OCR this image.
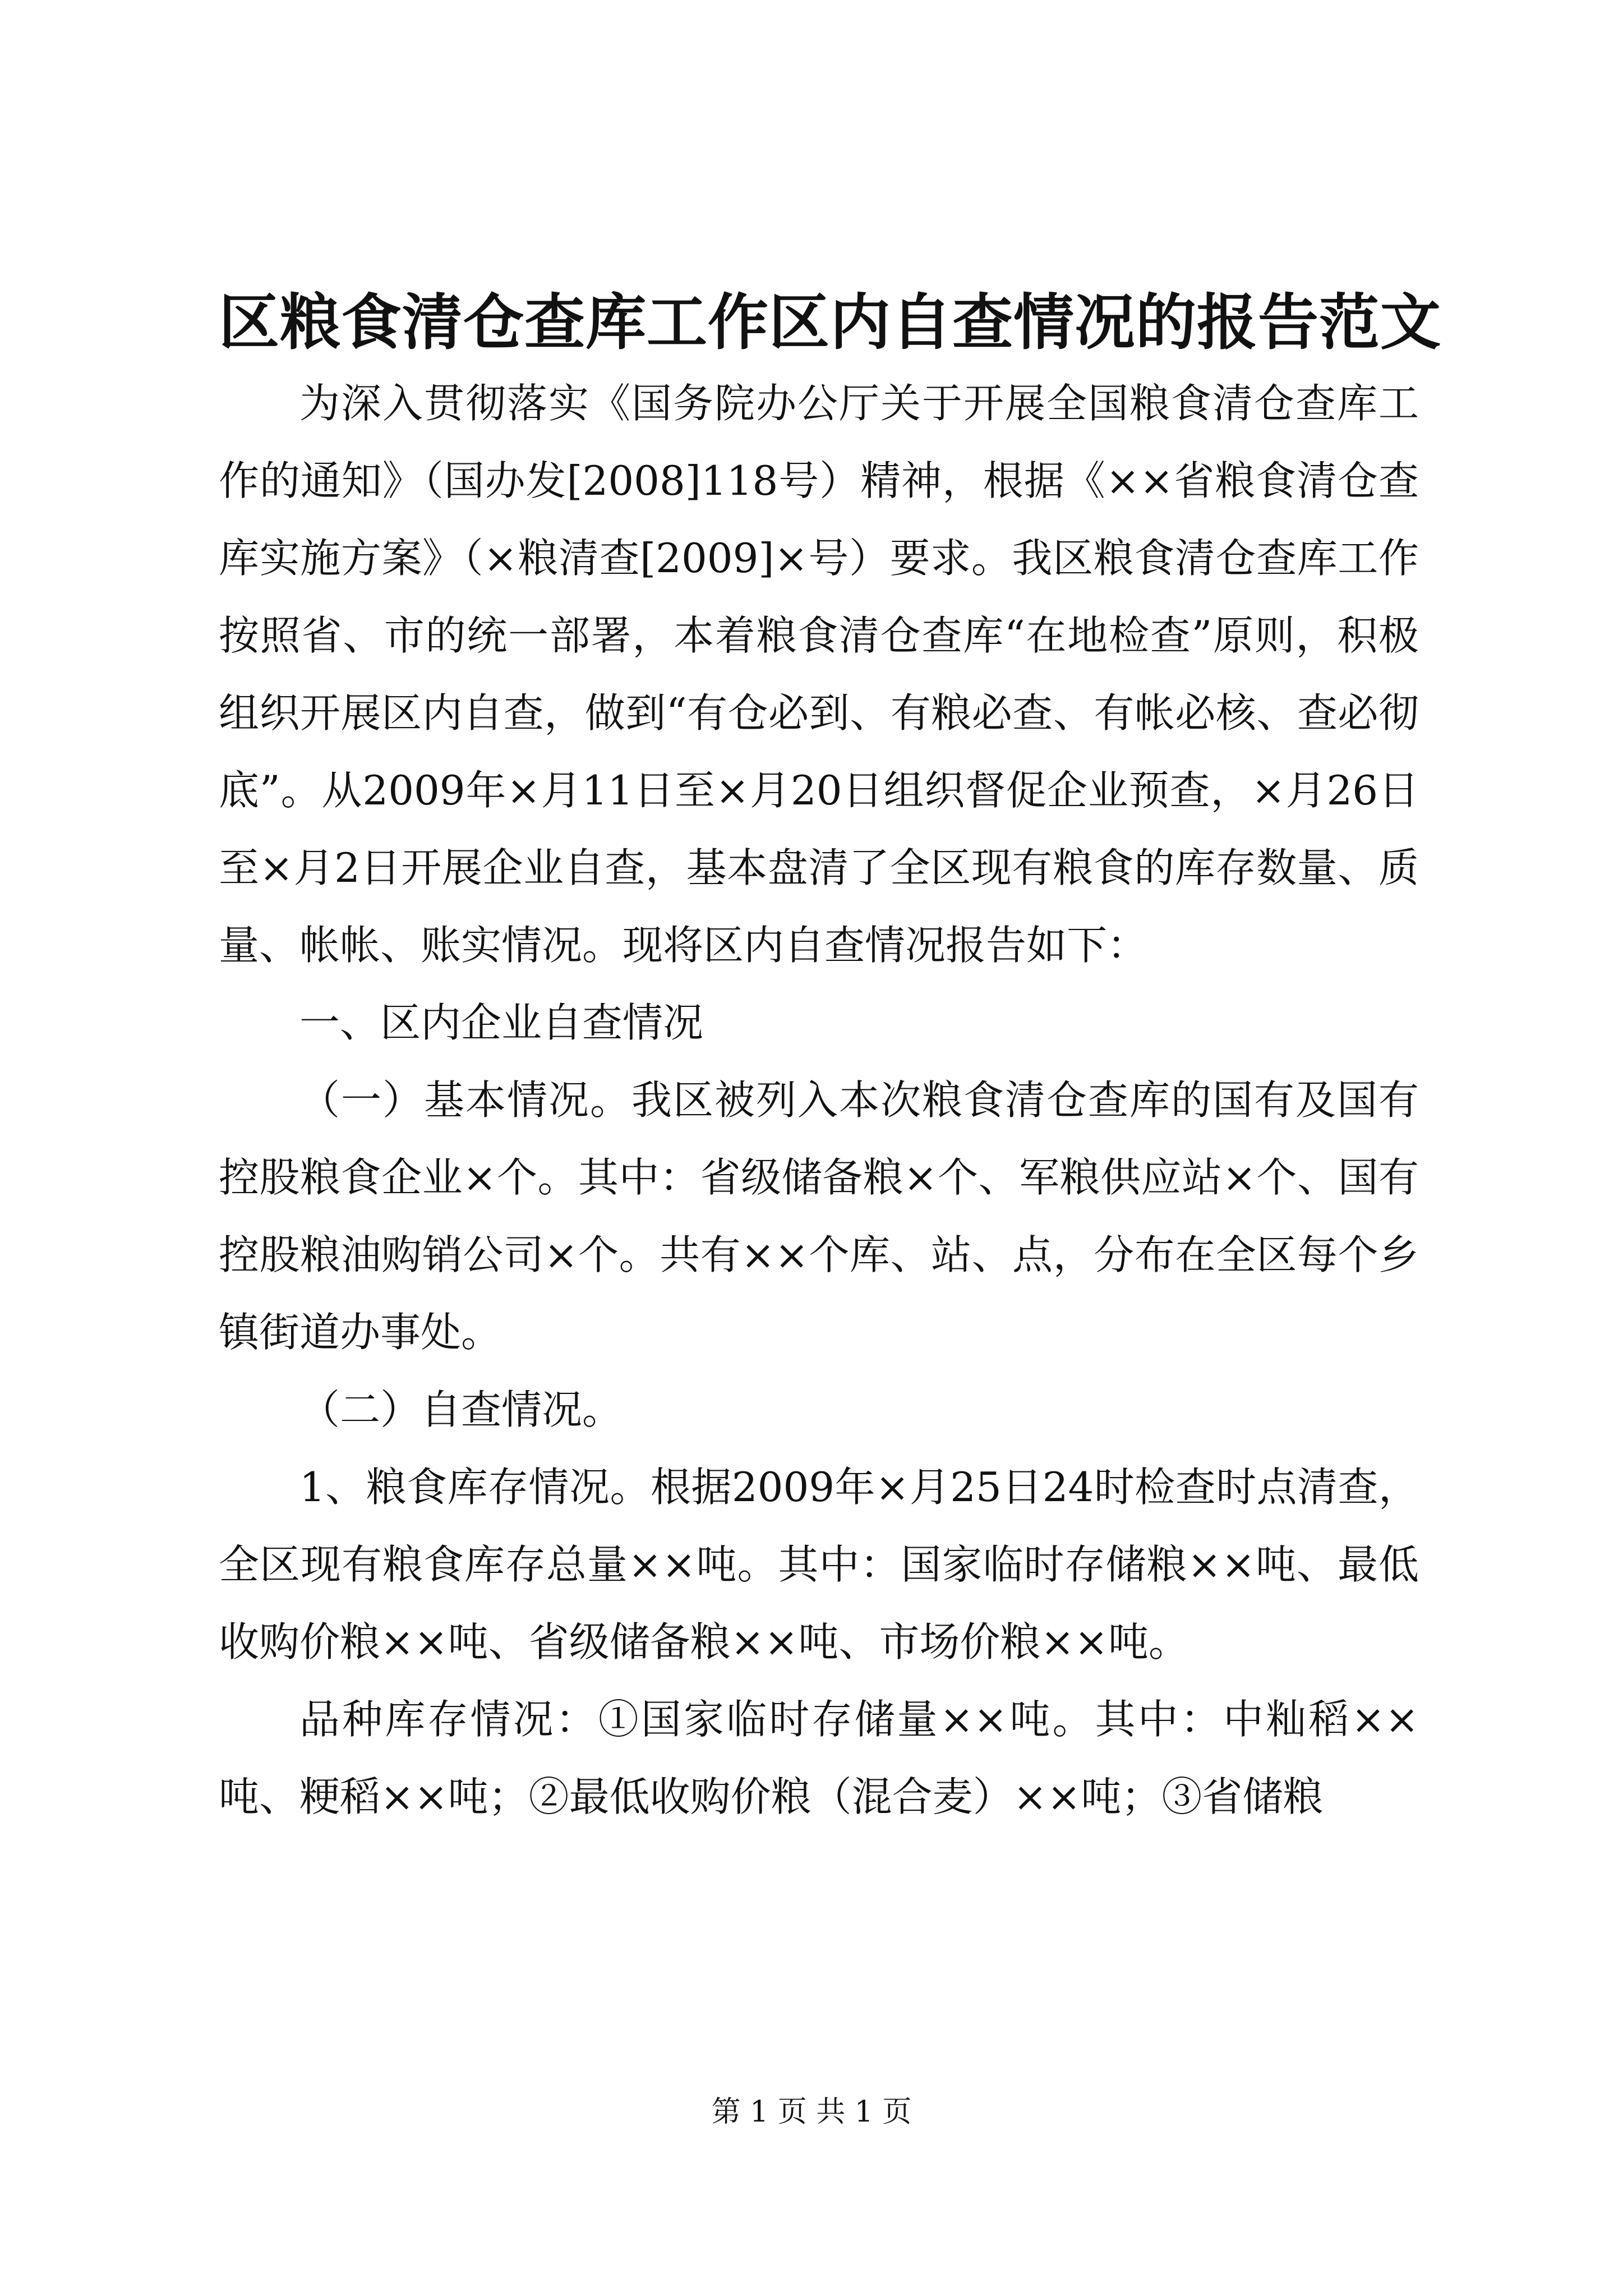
区粮食清仓查库工作区内自查情况的报告范文

为深入贯彻落实《国务院办公厅关于开展全国粮食清仓查库工作的通知》（国办发[2008]118号）精神，根据《××省粮食清仓查库实施方案》（×粮清查[2009]×号）要求。我区粮食清仓查库工作按照省、市的统一部署，本着粮食清仓查库“在地检查”原则，积极组织开展区内自查，做到“有仓必到、有粮必查、有帐必核、查必彻底”。从2009年×月11日至×月20日组织督促企业预查，×月26日至×月2日开展企业自查，基本盘清了全区现有粮食的库存数量、质量、帐帐、账实情况。现将区内自查情况报告如下：

一、区内企业自查情况

（一）基本情况。我区被列入本次粮食清仓查库的国有及国有控股粮食企业×个。其中：省级储备粮×个、军粮供应站×个、国有控股粮油购销公司×个。共有××个库、站、点，分布在全区每个乡镇街道办事处。

（二）自查情况。

1、粮食库存情况。根据2009年×月25日24时检查时点清查，全区现有粮食库存总量××吨。其中：国家临时存储粮××吨、最低收购价粮××吨、省级储备粮××吨、市场价粮××吨。

品种库存情况：①国家临时存储量××吨。其中：中籼稻××吨、粳稻××吨；②最低收购价粮（混合麦）××吨；③省储粮

第 1 页 共 1 页
